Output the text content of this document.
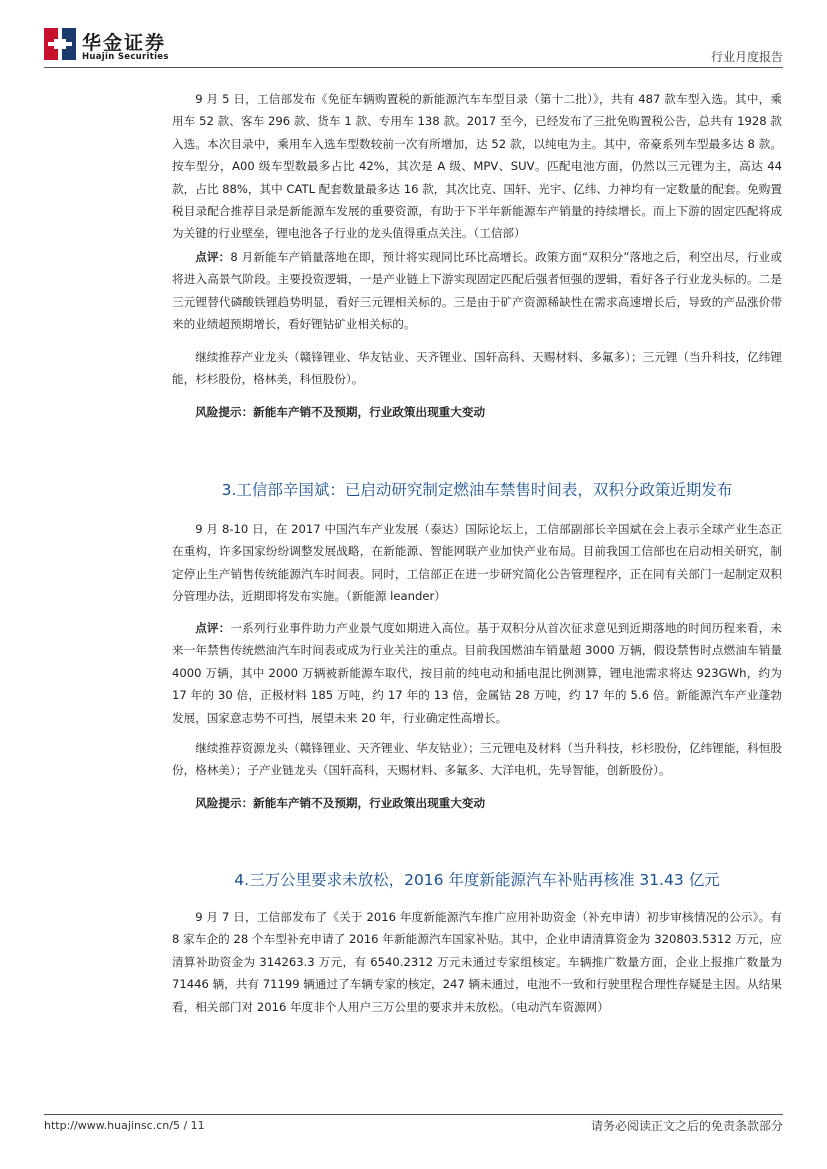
华金证券
Huajin Securities	行业月度报告

9 月 5 日，工信部发布《免征车辆购置税的新能源汽车车型目录（第十二批）》，共有 487 款车型入选。其中，乘用车 52 款、客车 296 款、货车 1 款、专用车 138 款。2017 至今，已经发布了三批免购置税公告，总共有 1928 款入选。本次目录中，乘用车入选车型数较前一次有所增加，达 52 款，以纯电为主。其中，帝豪系列车型最多达 8 款。按车型分，A00 级车型数最多占比 42%，其次是 A 级、MPV、SUV。匹配电池方面，仍然以三元锂为主，高达 44 款，占比 88%，其中 CATL 配套数量最多达 16 款，其次比克、国轩、光宇、亿纬、力神均有一定数量的配套。免购置税目录配合推荐目录是新能源车发展的重要资源，有助于下半年新能源车产销量的持续增长。而上下游的固定匹配将成为关键的行业壁垒，锂电池各子行业的龙头值得重点关注。（工信部）

点评：8 月新能车产销量落地在即，预计将实现同比环比高增长。政策方面“双积分”落地之后，利空出尽，行业或将进入高景气阶段。主要投资逻辑，一是产业链上下游实现固定匹配后强者恒强的逻辑，看好各子行业龙头标的。二是三元锂替代磷酸铁锂趋势明显，看好三元锂相关标的。三是由于矿产资源稀缺性在需求高速增长后，导致的产品涨价带来的业绩超预期增长，看好锂钴矿业相关标的。

继续推荐产业龙头（赣锋锂业、华友钴业、天齐锂业、国轩高科、天赐材料、多氟多）；三元锂（当升科技，亿纬锂能，杉杉股份，格林美，科恒股份）。

风险提示：新能车产销不及预期，行业政策出现重大变动

3.工信部辛国斌：已启动研究制定燃油车禁售时间表，双积分政策近期发布

9 月 8-10 日，在 2017 中国汽车产业发展（泰达）国际论坛上，工信部副部长辛国斌在会上表示全球产业生态正在重构，许多国家纷纷调整发展战略，在新能源、智能网联产业加快产业布局。目前我国工信部也在启动相关研究，制定停止生产销售传统能源汽车时间表。同时，工信部正在进一步研究简化公告管理程序，正在同有关部门一起制定双积分管理办法，近期即将发布实施。（新能源 leander）

点评：一系列行业事件助力产业景气度如期进入高位。基于双积分从首次征求意见到近期落地的时间历程来看，未来一年禁售传统燃油汽车时间表或成为行业关注的重点。目前我国燃油车销量超 3000 万辆，假设禁售时点燃油车销量 4000 万辆，其中 2000 万辆被新能源车取代，按目前的纯电动和插电混比例测算，锂电池需求将达 923GWh，约为 17 年的 30 倍，正极材料 185 万吨，约 17 年的 13 倍，金属钴 28 万吨，约 17 年的 5.6 倍。新能源汽车产业蓬勃发展，国家意志势不可挡，展望未来 20 年，行业确定性高增长。

继续推荐资源龙头（赣锋锂业、天齐锂业、华友钴业）；三元锂电及材料（当升科技，杉杉股份，亿纬锂能，科恒股份，格林美）；子产业链龙头（国轩高科，天赐材料、多氟多、大洋电机，先导智能，创新股份）。

风险提示：新能车产销不及预期，行业政策出现重大变动

4.三万公里要求未放松，2016 年度新能源汽车补贴再核准 31.43 亿元

9 月 7 日，工信部发布了《关于 2016 年度新能源汽车推广应用补助资金（补充申请）初步审核情况的公示》。有 8 家车企的 28 个车型补充申请了 2016 年新能源汽车国家补贴。其中，企业申请清算资金为 320803.5312 万元，应清算补助资金为 314263.3 万元，有 6540.2312 万元未通过专家组核定。车辆推广数量方面，企业上报推广数量为 71446 辆，共有 71199 辆通过了车辆专家的核定，247 辆未通过，电池不一致和行驶里程合理性存疑是主因。从结果看，相关部门对 2016 年度非个人用户三万公里的要求并未放松。（电动汽车资源网）

http://www.huajinsc.cn/5 / 11	请务必阅读正文之后的免责条款部分
